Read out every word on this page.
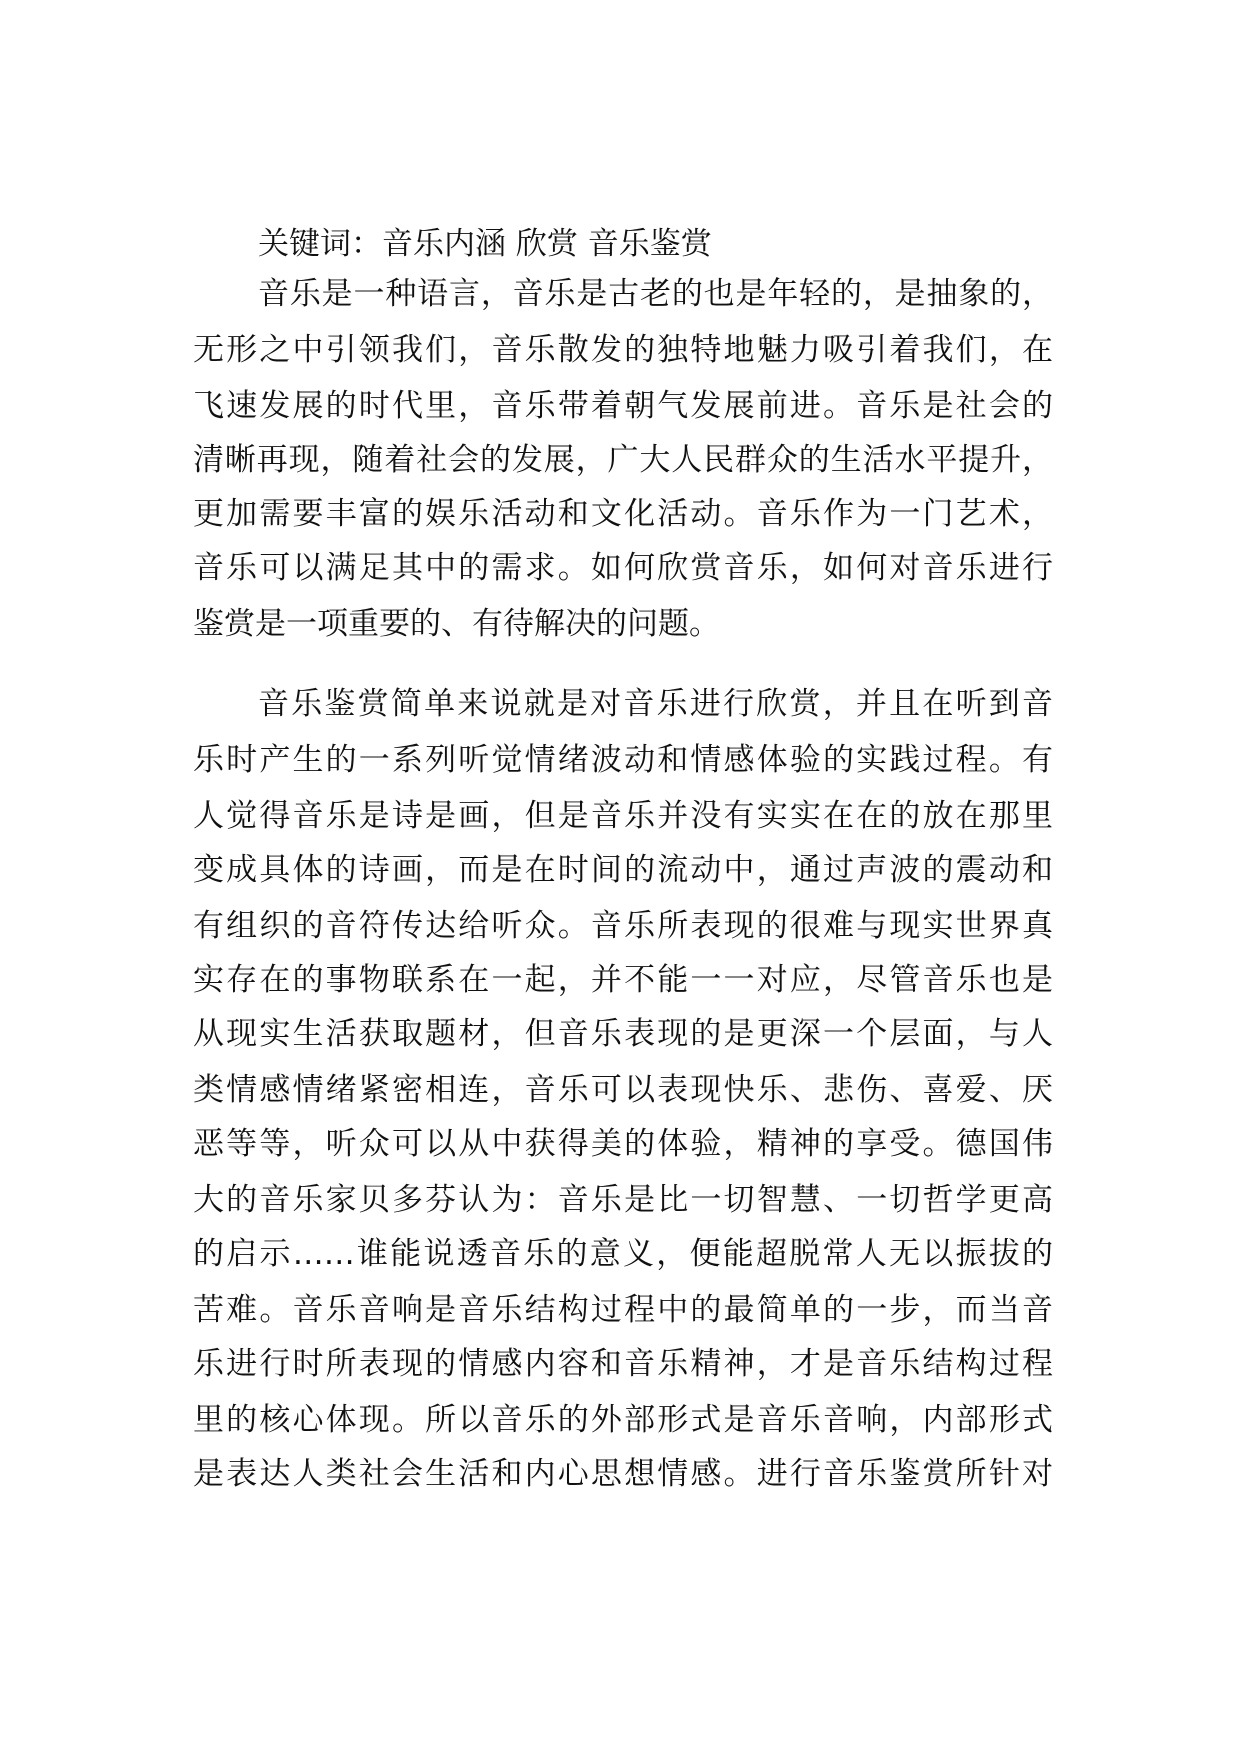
关键词：音乐内涵 欣赏 音乐鉴赏
音乐是一种语言，音乐是古老的也是年轻的，是抽象的，
无形之中引领我们，音乐散发的独特地魅力吸引着我们，在
飞速发展的时代里，音乐带着朝气发展前进。音乐是社会的
清晰再现，随着社会的发展，广大人民群众的生活水平提升，
更加需要丰富的娱乐活动和文化活动。音乐作为一门艺术，
音乐可以满足其中的需求。如何欣赏音乐，如何对音乐进行
鉴赏是一项重要的、有待解决的问题。
音乐鉴赏简单来说就是对音乐进行欣赏，并且在听到音
乐时产生的一系列听觉情绪波动和情感体验的实践过程。有
人觉得音乐是诗是画，但是音乐并没有实实在在的放在那里
变成具体的诗画，而是在时间的流动中，通过声波的震动和
有组织的音符传达给听众。音乐所表现的很难与现实世界真
实存在的事物联系在一起，并不能一一对应，尽管音乐也是
从现实生活获取题材，但音乐表现的是更深一个层面，与人
类情感情绪紧密相连，音乐可以表现快乐、悲伤、喜爱、厌
恶等等，听众可以从中获得美的体验，精神的享受。德国伟
大的音乐家贝多芬认为：音乐是比一切智慧、一切哲学更高
的启示……谁能说透音乐的意义，便能超脱常人无以振拔的
苦难。音乐音响是音乐结构过程中的最简单的一步，而当音
乐进行时所表现的情感内容和音乐精神，才是音乐结构过程
里的核心体现。所以音乐的外部形式是音乐音响，内部形式
是表达人类社会生活和内心思想情感。进行音乐鉴赏所针对
